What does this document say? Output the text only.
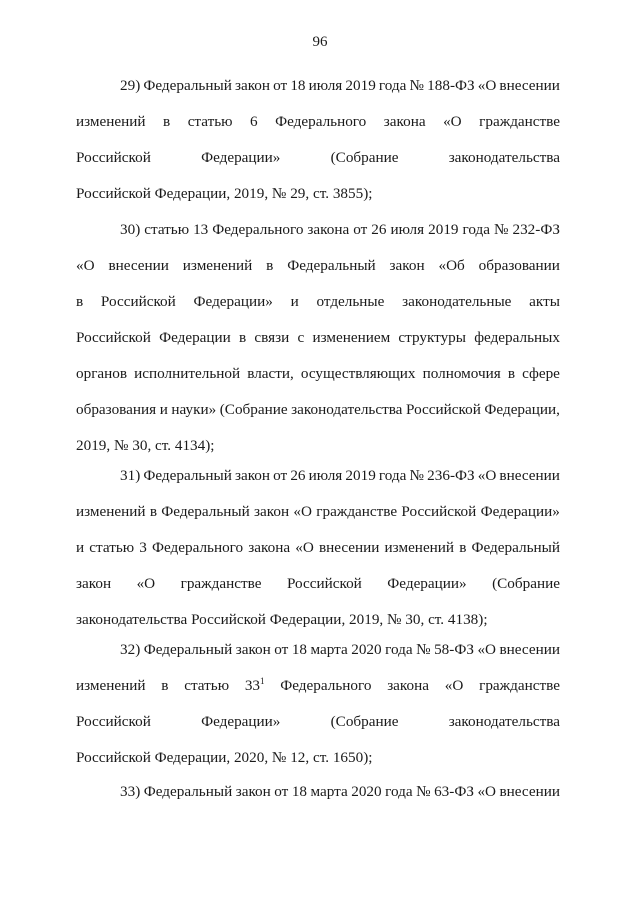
96
29) Федеральный закон от 18 июля 2019 года № 188-ФЗ «О внесении
изменений в статью 6 Федерального закона «О гражданстве
Российской	Федерации»	(Собрание	законодательства
Российской Федерации, 2019, № 29, ст. 3855);
30) статью 13 Федерального закона от 26 июля 2019 года № 232-ФЗ
«О внесении изменений в Федеральный закон «Об образовании
в Российской Федерации» и отдельные законодательные акты
Российской Федерации в связи с изменением структуры федеральных
органов исполнительной власти, осуществляющих полномочия в сфере
образования и науки» (Собрание законодательства Российской Федерации,
2019, № 30, ст. 4134);
31) Федеральный закон от 26 июля 2019 года № 236-ФЗ «О внесении
изменений в Федеральный закон «О гражданстве Российской Федерации»
и статью 3 Федерального закона «О внесении изменений в Федеральный
закон «О гражданстве Российской Федерации» (Собрание
законодательства Российской Федерации, 2019, № 30, ст. 4138);
32) Федеральный закон от 18 марта 2020 года № 58-ФЗ «О внесении
изменений в статью $33^1$ Федерального закона «О гражданстве
Российской	Федерации»	(Собрание	законодательства
Российской Федерации, 2020, № 12, ст. 1650);
33) Федеральный закон от 18 марта 2020 года № 63-ФЗ «О внесении
